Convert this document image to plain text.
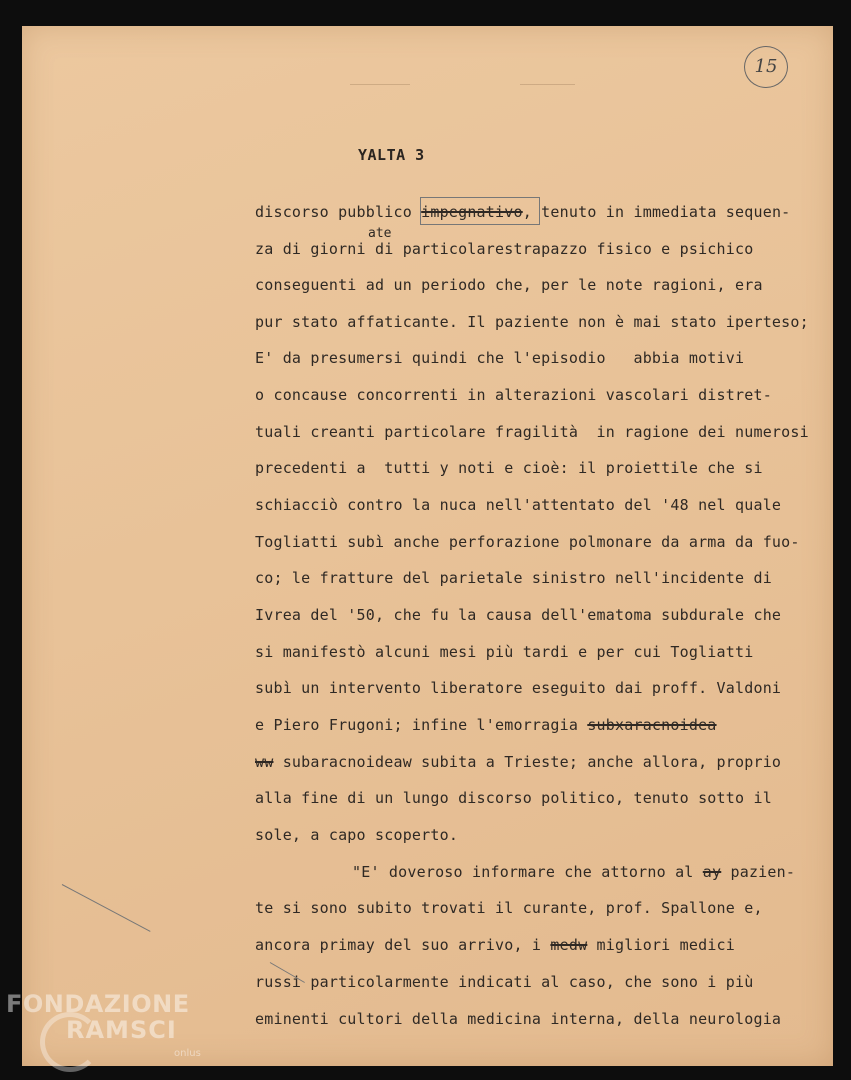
15
YALTA 3
discorso pubblico impegnativo, tenuto in immediata sequen-
ate
za di giorni di particolarestrapazzo fisico e psichico
conseguenti ad un periodo che, per le note ragioni, era
pur stato affaticante. Il paziente non è mai stato iperteso;
E' da presumersi quindi che l'episodio   abbia motivi
o concause concorrenti in alterazioni vascolari distret-
tuali creanti particolare fragilità  in ragione dei numerosi
precedenti a  tutti y noti e cioè: il proiettile che si
schiacciò contro la nuca nell'attentato del '48 nel quale
Togliatti subì anche perforazione polmonare da arma da fuo-
co; le fratture del parietale sinistro nell'incidente di
Ivrea del '50, che fu la causa dell'ematoma subdurale che
si manifestò alcuni mesi più tardi e per cui Togliatti
subì un intervento liberatore eseguito dai proff. Valdoni
e Piero Frugoni; infine l'emorragia subxaracnoidea
ww subaracnoideaw subita a Trieste; anche allora, proprio
alla fine di un lungo discorso politico, tenuto sotto il
sole, a capo scoperto.
"E' doveroso informare che attorno al ay pazien-
te si sono subito trovati il curante, prof. Spallone e,
ancora primay del suo arrivo, i medw migliori medici
russi particolarmente indicati al caso, che sono i più
eminenti cultori della medicina interna, della neurologia
FONDAZIONE
RAMSCI
onlus
